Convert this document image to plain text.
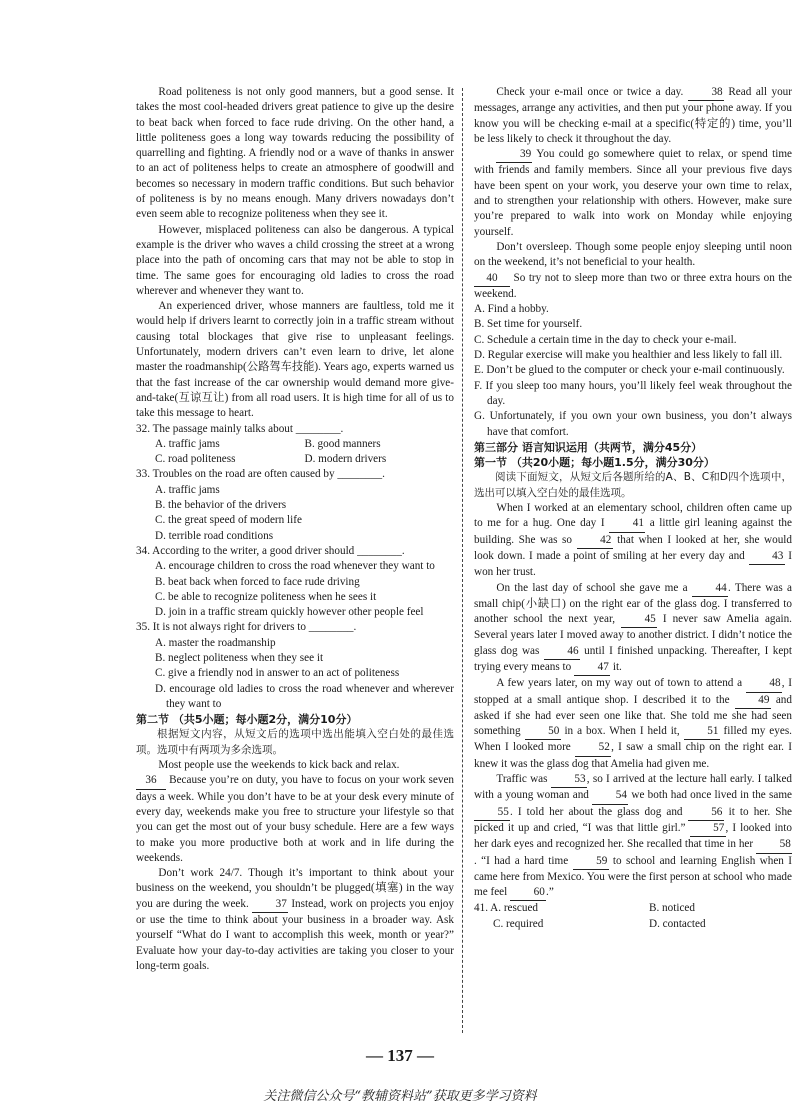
Road politeness is not only good manners, but a good sense. It takes the most cool-headed drivers great patience to give up the desire to beat back when forced to face rude driving. On the other hand, a little politeness goes a long way towards reducing the possibility of quarrelling and fighting. A friendly nod or a wave of thanks in answer to an act of politeness helps to create an atmosphere of goodwill and becomes so necessary in modern traffic conditions. But such behavior of politeness is by no means enough. Many drivers nowadays don’t even seem able to recognize politeness when they see it.

However, misplaced politeness can also be dangerous. A typical example is the driver who waves a child crossing the street at a wrong place into the path of oncoming cars that may not be able to stop in time. The same goes for encouraging old ladies to cross the road wherever and whenever they want to.

An experienced driver, whose manners are faultless, told me it would help if drivers learnt to correctly join in a traffic stream without causing total blockages that give rise to unpleasant feelings. Unfortunately, modern drivers can’t even learn to drive, let alone master the roadmanship(公路驾车技能). Years ago, experts warned us that the fast increase of the car ownership would demand more give-and-take(互谅互让) from all road users. It is high time for all of us to take this message to heart.

32. The passage mainly talks about ________.

A. traffic jams	B. good manners
C. road politeness	D. modern drivers

33. Troubles on the road are often caused by ________.

A. traffic jams

B. the behavior of the drivers

C. the great speed of modern life

D. terrible road conditions

34. According to the writer, a good driver should ________.

A. encourage children to cross the road whenever they want to

B. beat back when forced to face rude driving

C. be able to recognize politeness when he sees it

D. join in a traffic stream quickly however other people feel

35. It is not always right for drivers to ________.

A. master the roadmanship

B. neglect politeness when they see it

C. give a friendly nod in answer to an act of politeness

D. encourage old ladies to cross the road whenever and wherever they want to

第二节 （共5小题；每小题2分，满分10分）

根据短文内容，从短文后的选项中选出能填入空白处的最佳选项。选项中有两项为多余选项。

Most people use the weekends to kick back and relax.

36 Because you’re on duty, you have to focus on your work seven days a week. While you don’t have to be at your desk every minute of every day, weekends make you free to structure your lifestyle so that you can get the most out of your busy schedule. Here are a few ways to make you more productive both at work and in life during the weekends.

Don’t work 24/7. Though it’s important to think about your business on the weekend, you shouldn’t be plugged(填塞) in the way you are during the week. 37 Instead, work on projects you enjoy or use the time to think about your business in a broader way. Ask yourself “What do I want to accomplish this week, month or year?” Evaluate how your day-to-day activities are taking you closer to your long-term goals.

Check your e-mail once or twice a day. 38 Read all your messages, arrange any activities, and then put your phone away. If you know you will be checking e-mail at a specific(特定的) time, you’ll be less likely to check it throughout the day.

39 You could go somewhere quiet to relax, or spend time with friends and family members. Since all your previous five days have been spent on your work, you deserve your own time to relax, and to strengthen your relationship with others. However, make sure you’re prepared to walk into work on Monday while enjoying yourself.

Don’t oversleep. Though some people enjoy sleeping until noon on the weekend, it’s not beneficial to your health.

40 So try not to sleep more than two or three extra hours on the weekend.

A. Find a hobby.

B. Set time for yourself.

C. Schedule a certain time in the day to check your e-mail.

D. Regular exercise will make you healthier and less likely to fall ill.

E. Don’t be glued to the computer or check your e-mail continuously.

F. If you sleep too many hours, you’ll likely feel weak throughout the day.

G. Unfortunately, if you own your own business, you don’t always have that comfort.

第三部分 语言知识运用（共两节，满分45分）

第一节 （共20小题；每小题1.5分，满分30分）

阅读下面短文，从短文后各题所给的A、B、C和D四个选项中，选出可以填入空白处的最佳选项。

When I worked at an elementary school, children often came up to me for a hug. One day I 41 a little girl leaning against the building. She was so 42 that when I looked at her, she would look down. I made a point of smiling at her every day and 43 I won her trust.

On the last day of school she gave me a 44. There was a small chip(小缺口) on the right ear of the glass dog. I transferred to another school the next year, 45 I never saw Amelia again. Several years later I moved away to another district. I didn’t notice the glass dog was 46 until I finished unpacking. Thereafter, I kept trying every means to 47 it.

A few years later, on my way out of town to attend a 48, I stopped at a small antique shop. I described it to the 49 and asked if she had ever seen one like that. She told me she had seen something 50 in a box. When I held it, 51 filled my eyes. When I looked more 52, I saw a small chip on the right ear. I knew it was the glass dog that Amelia had given me.

Traffic was 53, so I arrived at the lecture hall early. I talked with a young woman and 54 we both had once lived in the same 55. I told her about the glass dog and 56 it to her. She picked it up and cried, “I was that little girl.” 57, I looked into her dark eyes and recognized her. She recalled that time in her 58. “I had a hard time 59 to school and learning English when I came here from Mexico. You were the first person at school who made me feel 60.”

41. A. rescued	B. noticed
C. required	D. contacted
— 137 —
关注微信公众号“教辅资料站”获取更多学习资料
